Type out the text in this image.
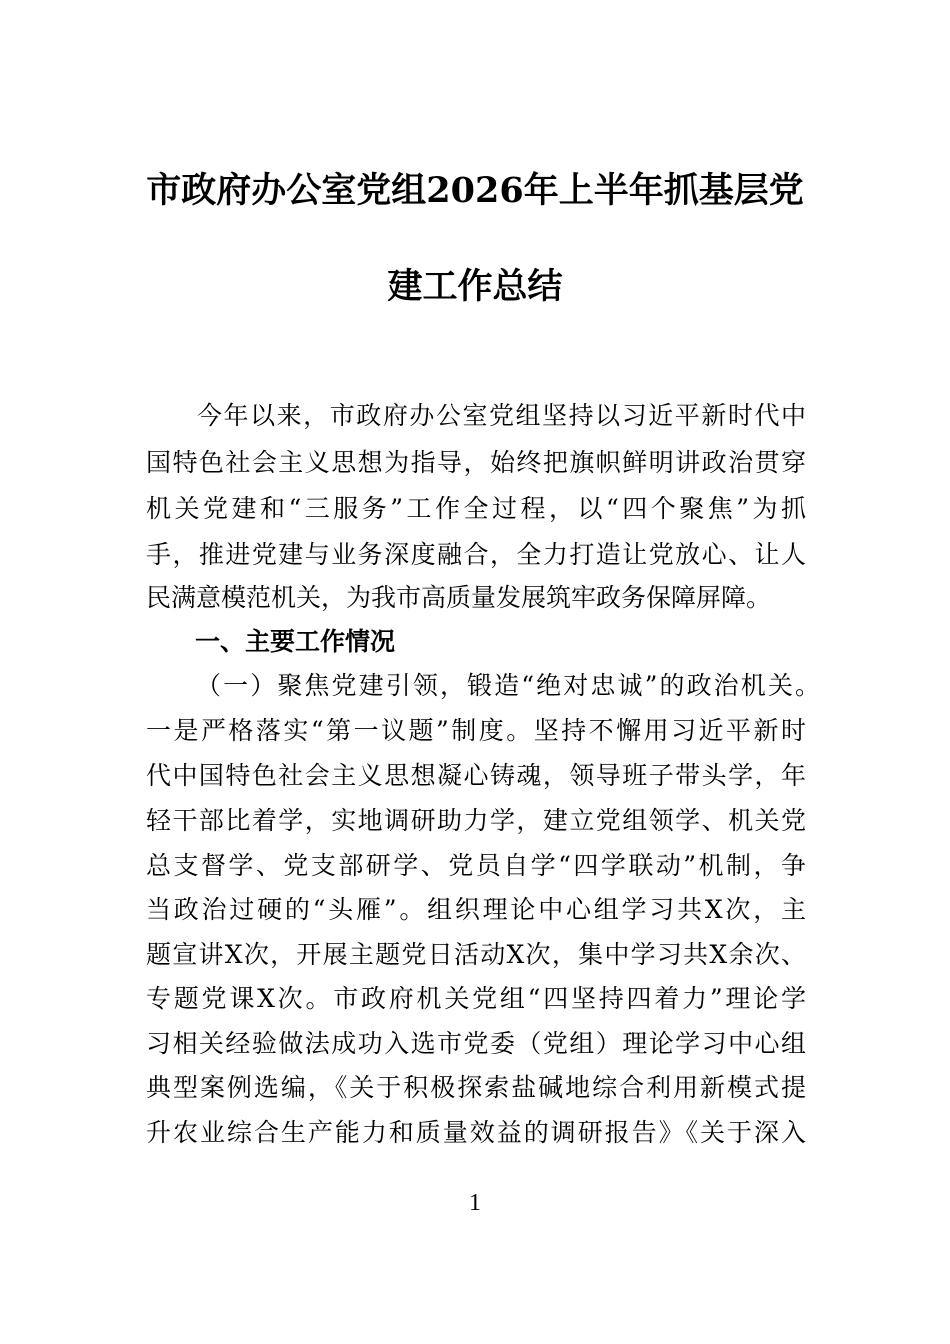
市政府办公室党组2026年上半年抓基层党
建工作总结
今年以来，市政府办公室党组坚持以习近平新时代中
国特色社会主义思想为指导，始终把旗帜鲜明讲政治贯穿
机关党建和“三服务”工作全过程，以“四个聚焦”为抓
手，推进党建与业务深度融合，全力打造让党放心、让人
民满意模范机关，为我市高质量发展筑牢政务保障屏障。
一、主要工作情况
（一）聚焦党建引领，锻造“绝对忠诚”的政治机关。
一是严格落实“第一议题”制度。坚持不懈用习近平新时
代中国特色社会主义思想凝心铸魂，领导班子带头学，年
轻干部比着学，实地调研助力学，建立党组领学、机关党
总支督学、党支部研学、党员自学“四学联动”机制，争
当政治过硬的“头雁”。组织理论中心组学习共X次，主
题宣讲X次，开展主题党日活动X次，集中学习共X余次、
专题党课X次。市政府机关党组“四坚持四着力”理论学
习相关经验做法成功入选市党委（党组）理论学习中心组
典型案例选编，《关于积极探索盐碱地综合利用新模式提
升农业综合生产能力和质量效益的调研报告》《关于深入
1
